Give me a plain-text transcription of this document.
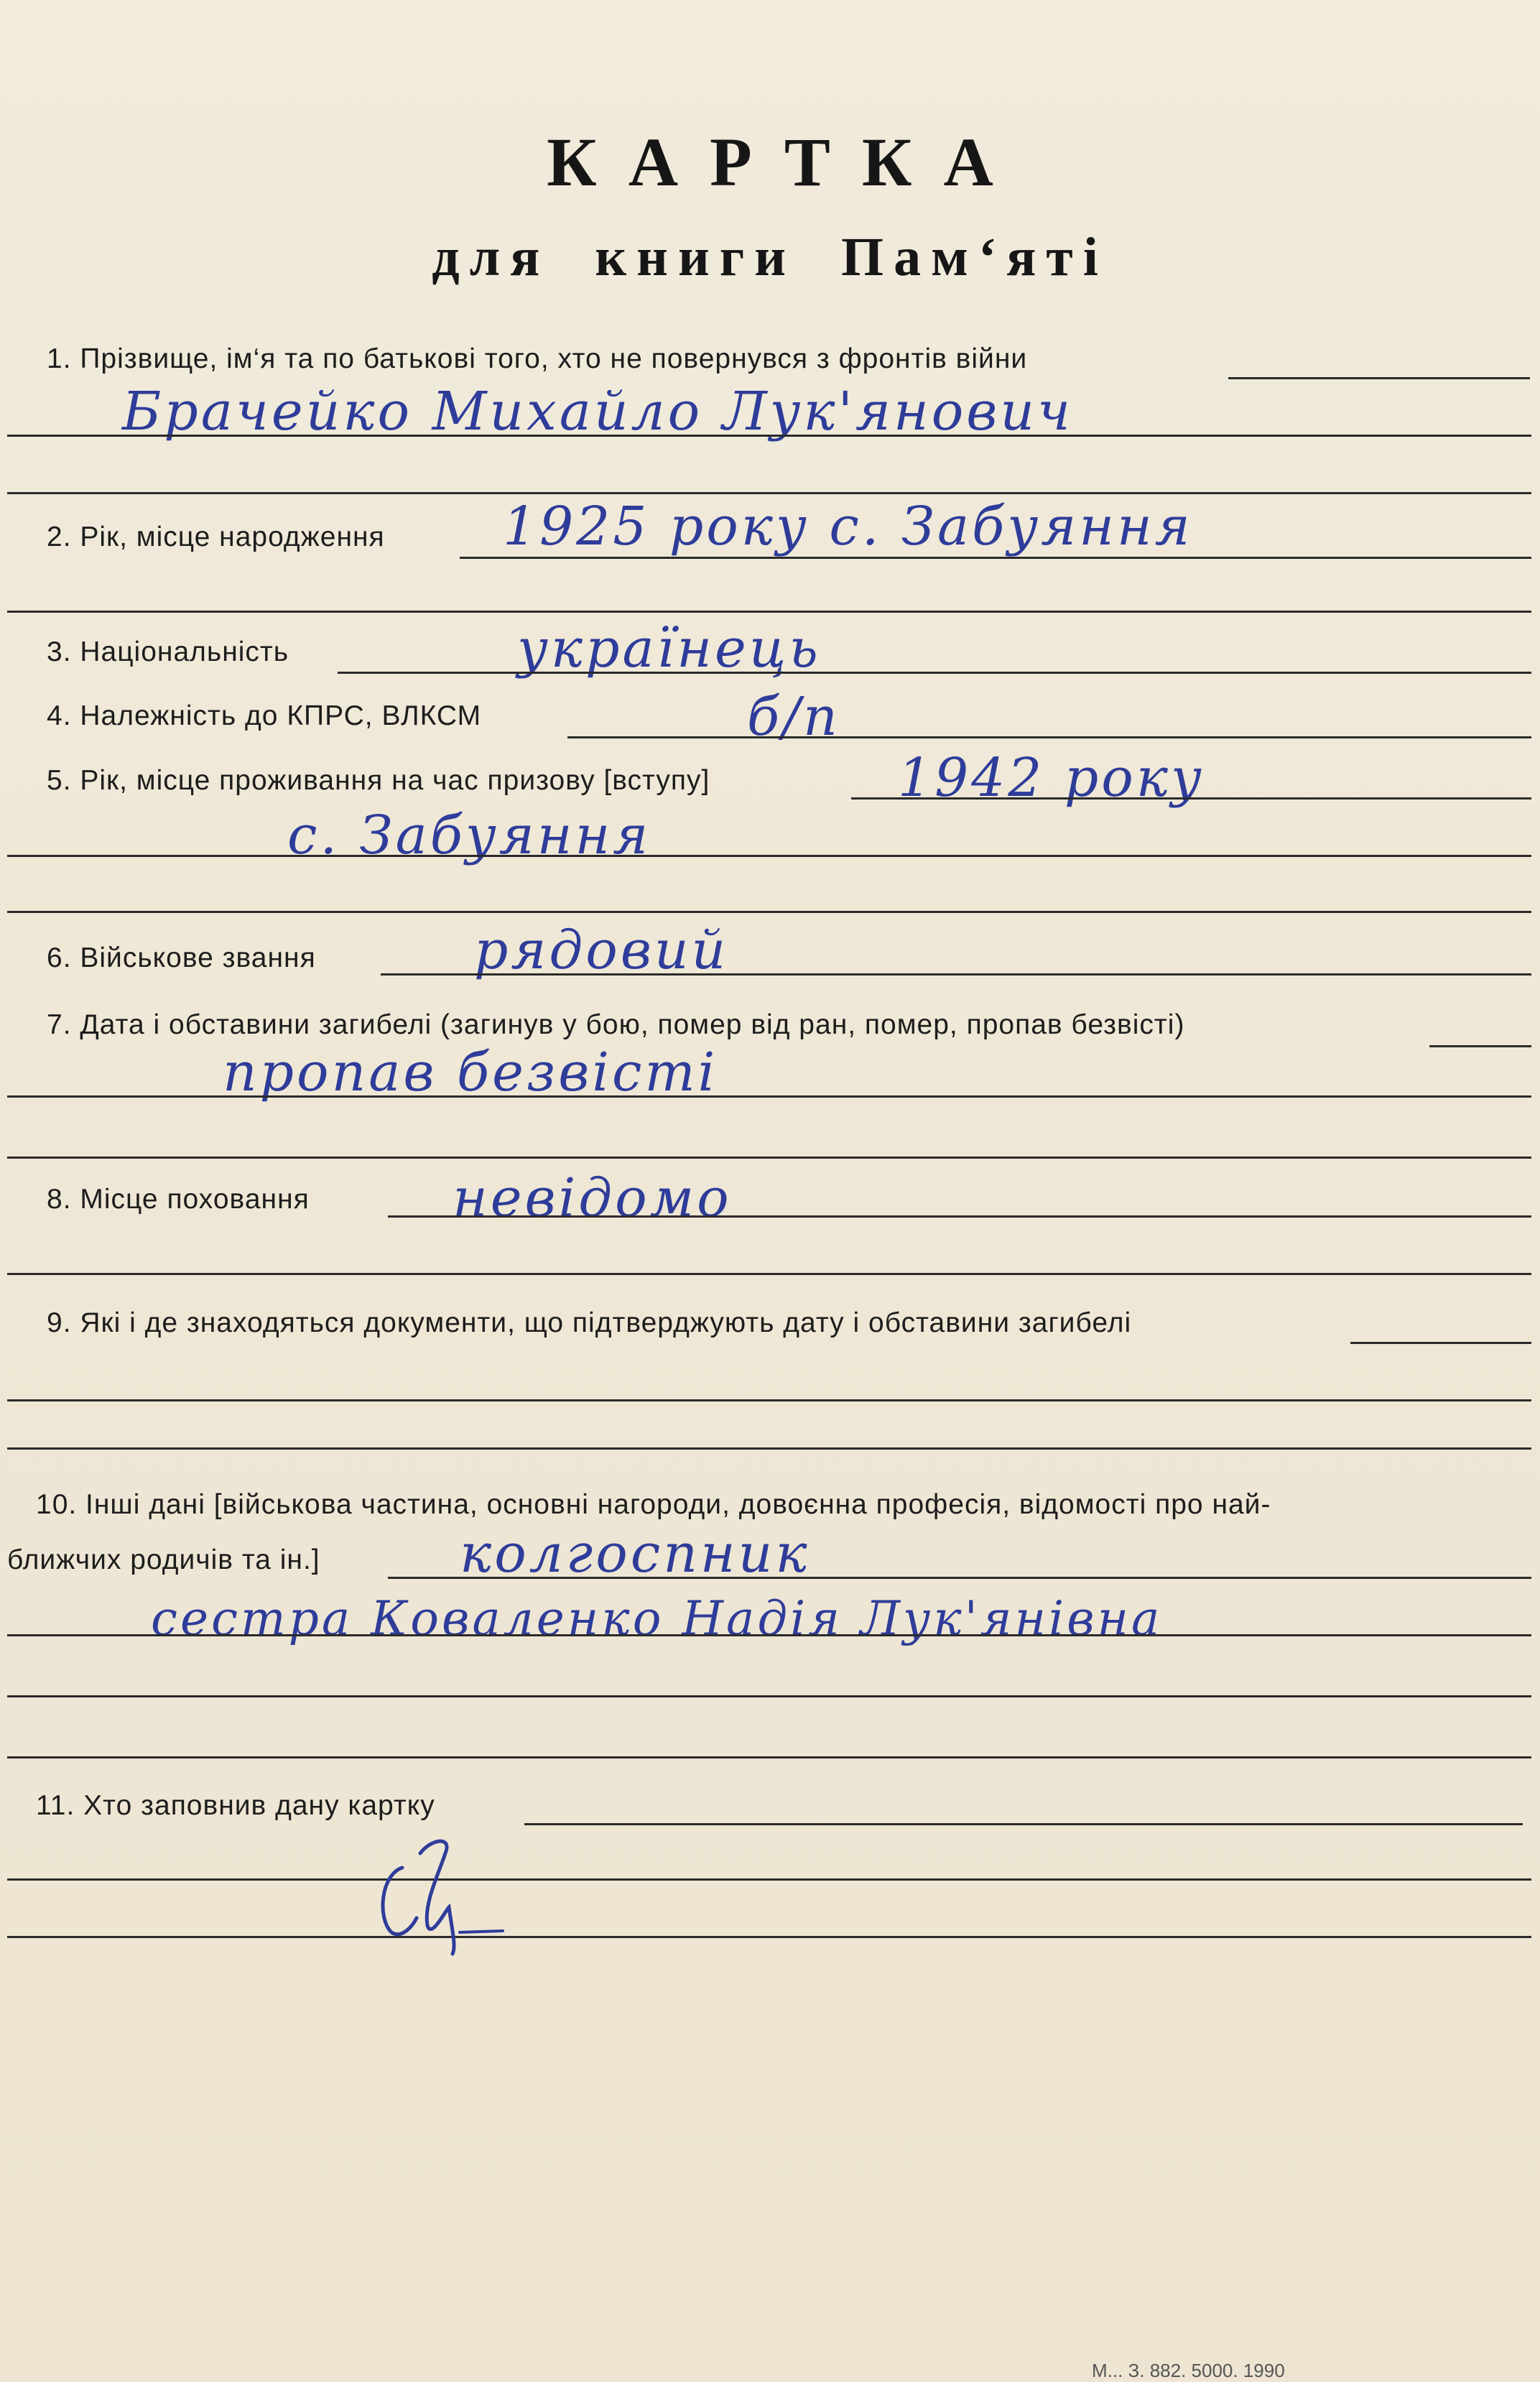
КАРТКА
для книги Пам‘яті
1. Прізвище, ім‘я та по батькові того, хто не повернувся з фронтів війни
Брачейко Михайло Лук'янович
2. Рік, місце народження 1925 року с. Забуяння
3. Національність	українець
4. Належність до КПРС, ВЛКСМ	б/п
5. Рік, місце проживання на час призову [вступу]	1942 року
с. Забуяння
6. Військове звання	рядовий
7. Дата і обставини загибелі (загинув у бою, помер від ран, помер, пропав безвісті)
пропав безвісті
8. Місце поховання	невідомо
9. Які і де знаходяться документи, що підтверджують дату і обставини загибелі
10. Інші дані [військова частина, основні нагороди, довоєнна професія, відомості про най-
ближчих родичів та ін.]	колгоспник
сестра Коваленко Надія Лук'янівна
11. Хто заповнив дану картку
М... З. 882. 5000. 1990
